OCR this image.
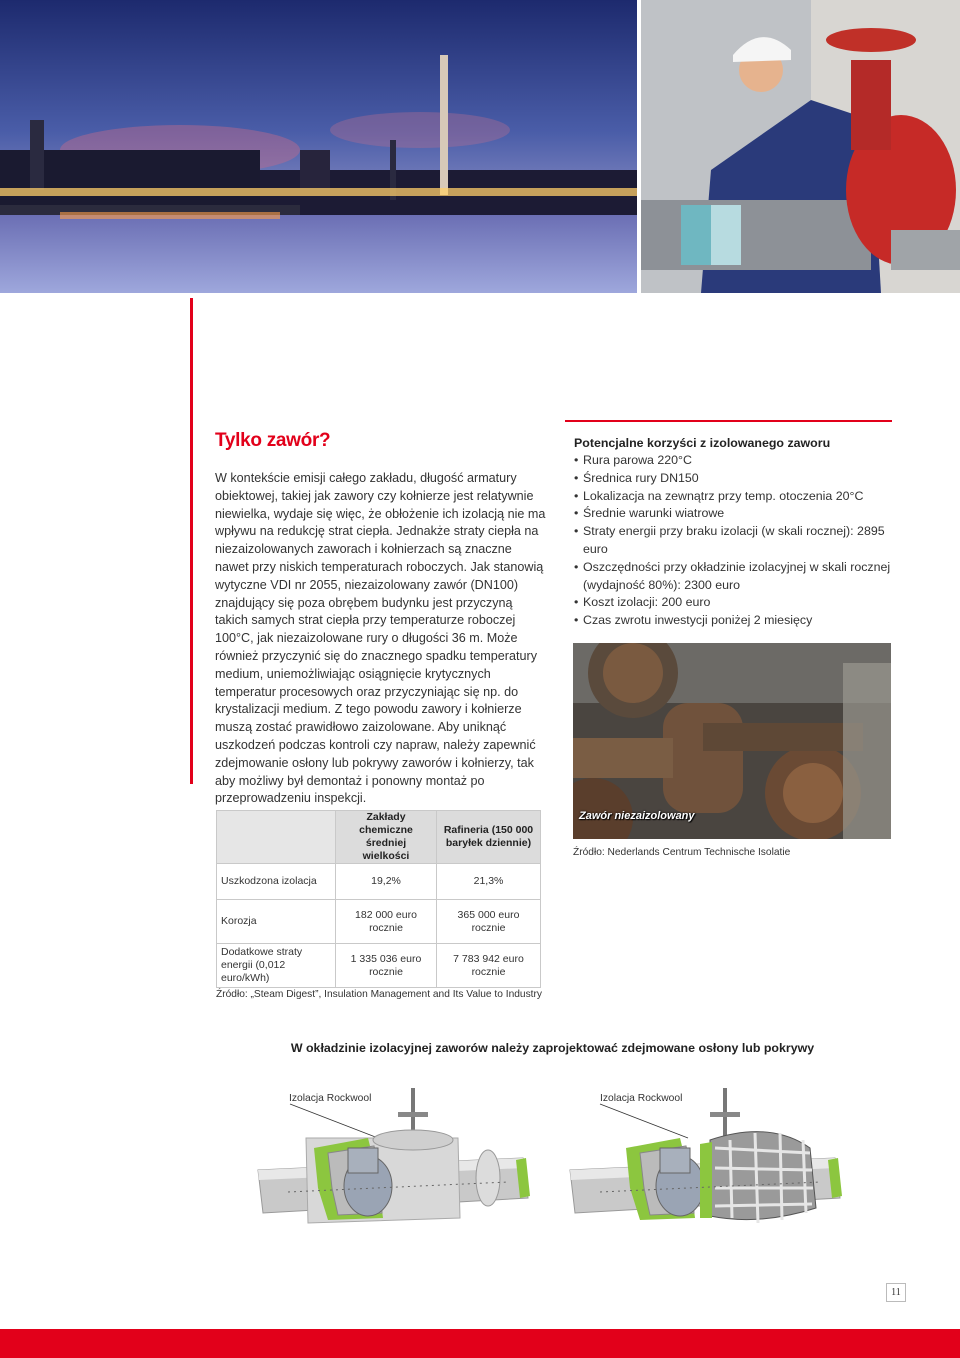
Tylko zawór?

W kontekście emisji całego zakładu, długość armatury obiektowej, takiej jak zawory czy kołnierze jest relatywnie niewielka, wydaje się więc, że obłożenie ich izolacją nie ma wpływu na redukcję strat ciepła. Jednakże straty ciepła na niezaizolowanych zaworach i kołnierzach są znaczne nawet przy niskich temperaturach roboczych. Jak stanowią wytyczne VDI nr 2055, niezaizolowany zawór (DN100) znajdujący się poza obrębem budynku jest przyczyną takich samych strat ciepła przy temperaturze roboczej 100°C, jak niezaizolowane rury o długości 36 m. Może również przyczynić się do znacznego spadku temperatury medium, uniemożliwiając osiągnięcie krytycznych temperatur procesowych oraz przyczyniając się np. do krystalizacji medium. Z tego powodu zawory i kołnierze muszą zostać prawidłowo zaizolowane. Aby uniknąć uszkodzeń podczas kontroli czy napraw, należy zapewnić zdejmowanie osłony lub pokrywy zaworów i kołnierzy, tak aby możliwy był demontaż i ponowny montaż po przeprowadzeniu inspekcji.

Potencjalne korzyści z izolowanego zaworu
• Rura parowa 220°C
• Średnica rury DN150
• Lokalizacja na zewnątrz przy temp. otoczenia 20°C
• Średnie warunki wiatrowe
• Straty energii przy braku izolacji (w skali rocznej): 2895 euro
• Oszczędności przy okładzinie izolacyjnej w skali rocznej (wydajność 80%): 2300 euro
• Koszt izolacji: 200 euro
• Czas zwrotu inwestycji poniżej 2 miesięcy
Zawór niezaizolowany
Źródło: Nederlands Centrum Technische Isolatie
	Zakłady chemiczne średniej wielkości	Rafineria (150 000 baryłek dziennie)
Uszkodzona izolacja	19,2%	21,3%
Korozja	182 000 euro rocznie	365 000 euro rocznie
Dodatkowe straty energii (0,012 euro/kWh)	1 335 036 euro rocznie	7 783 942 euro rocznie
Źródło: „Steam Digest”, Insulation Management and Its Value to Industry
W okładzinie izolacyjnej zaworów należy zaprojektować zdejmowane osłony lub pokrywy
Izolacja Rockwool	Izolacja Rockwool
11
